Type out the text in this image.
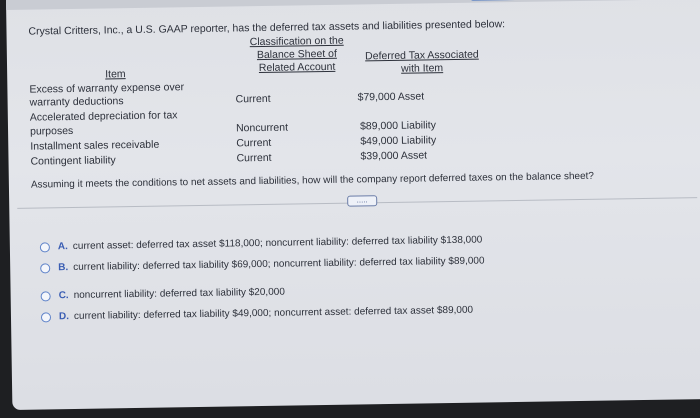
Crystal Critters, Inc., a U.S. GAAP reporter, has the deferred tax assets and liabilities presented below:
Classification on the
Balance Sheet of
Related Account
Deferred Tax Associated
with Item
Item
Excess of warranty expense over
warranty deductions	Current	$79,000 Asset
Accelerated depreciation for tax
purposes	Noncurrent	$89,000 Liability
Installment sales receivable	Current	$49,000 Liability
Contingent liability	Current	$39,000 Asset
Assuming it meets the conditions to net assets and liabilities, how will the company report deferred taxes on the balance sheet?
.....
A. current asset: deferred tax asset $118,000; noncurrent liability: deferred tax liability $138,000
B. current liability: deferred tax liability $69,000; noncurrent liability: deferred tax liability $89,000
C. noncurrent liability: deferred tax liability $20,000
D. current liability: deferred tax liability $49,000; noncurrent asset: deferred tax asset $89,000
